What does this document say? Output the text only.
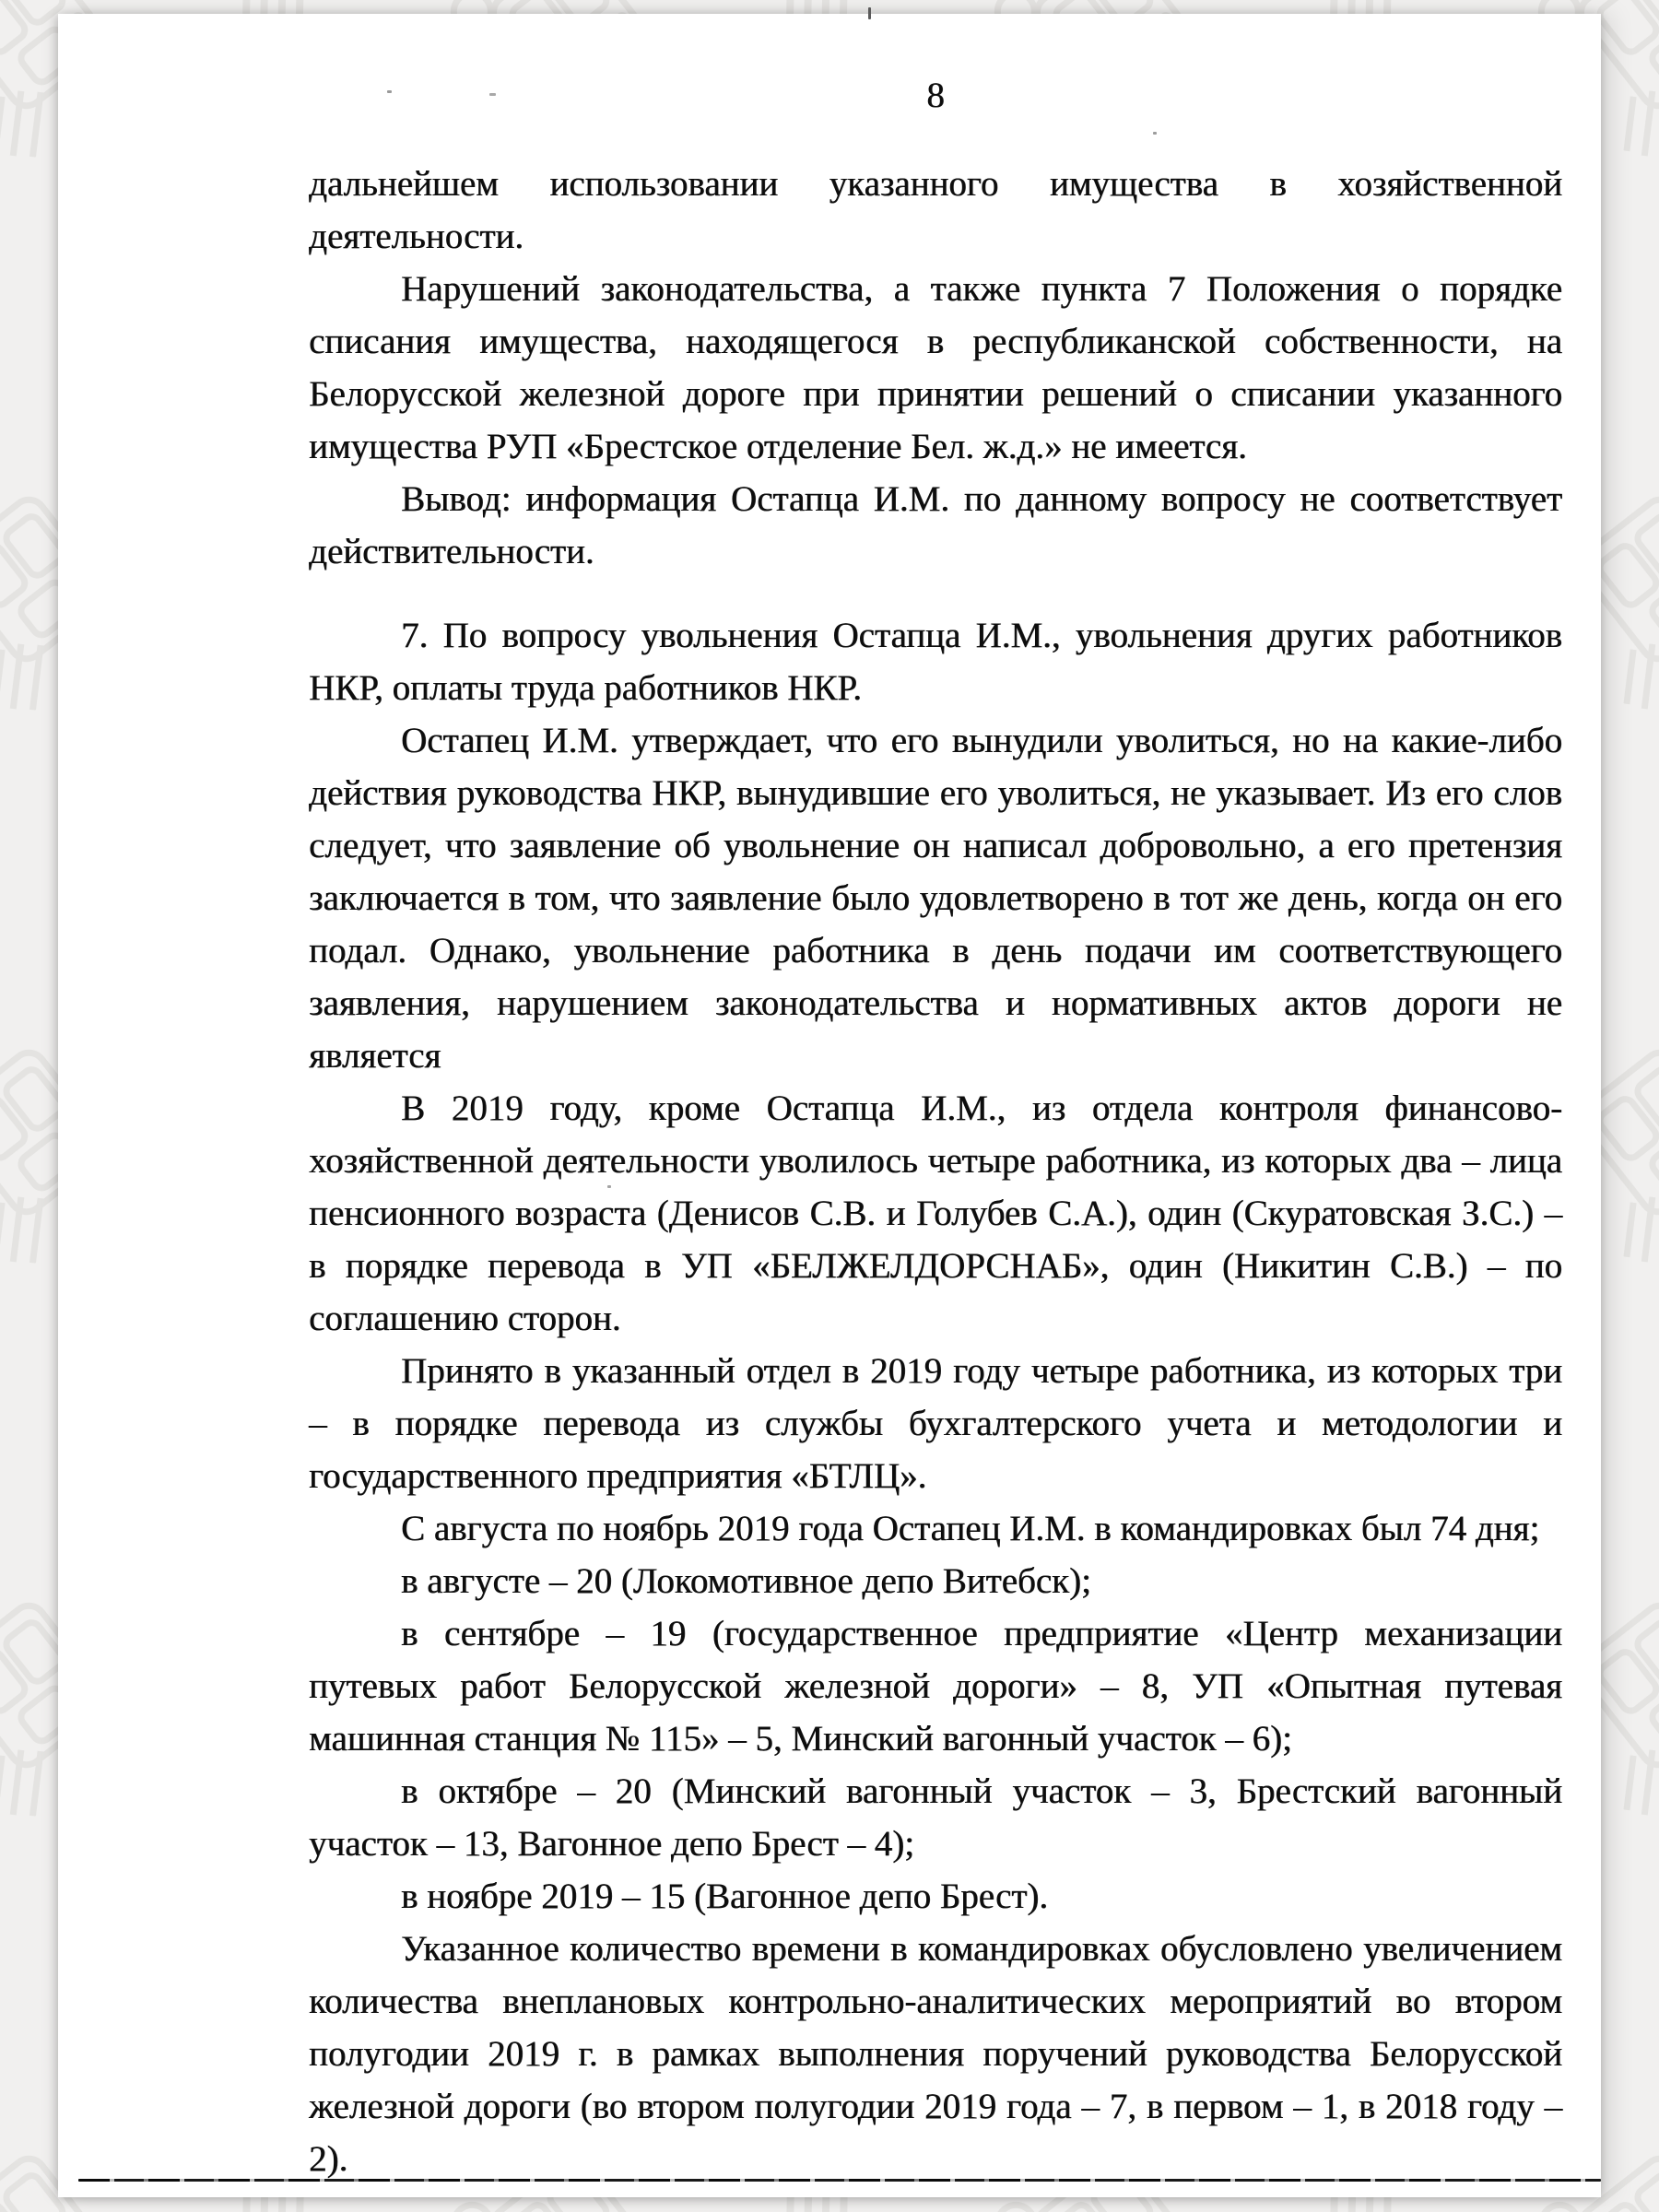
8

дальнейшем использовании указанного имущества в хозяйственной деятельности.

Нарушений законодательства, а также пункта 7 Положения о порядке списания имущества, находящегося в республиканской собственности, на Белорусской железной дороге при принятии решений о списании указанного имущества РУП «Брестское отделение Бел. ж.д.» не имеется.

Вывод: информация Остапца И.М. по данному вопросу не соответствует действительности.

7. По вопросу увольнения Остапца И.М., увольнения других работников НКР, оплаты труда работников НКР.

Остапец И.М. утверждает, что его вынудили уволиться, но на какие-либо действия руководства НКР, вынудившие его уволиться, не указывает. Из его слов следует, что заявление об увольнение он написал добровольно, а его претензия заключается в том, что заявление было удовлетворено в тот же день, когда он его подал. Однако, увольнение работника в день подачи им соответствующего заявления, нарушением законодательства и нормативных актов дороги не является

В 2019 году, кроме Остапца И.М., из отдела контроля финансово-хозяйственной деятельности уволилось четыре работника, из которых два – лица пенсионного возраста (Денисов С.В. и Голубев С.А.), один (Скуратовская З.С.) – в порядке перевода в УП «БЕЛЖЕЛДОРСНАБ», один (Никитин С.В.) – по соглашению сторон.

Принято в указанный отдел в 2019 году четыре работника, из которых три – в порядке перевода из службы бухгалтерского учета и методологии и государственного предприятия «БТЛЦ».

С августа по ноябрь 2019 года Остапец И.М. в командировках был 74 дня;

в августе – 20 (Локомотивное депо Витебск);

в сентябре – 19 (государственное предприятие «Центр механизации путевых работ Белорусской железной дороги» – 8, УП «Опытная путевая машинная станция № 115» – 5, Минский вагонный участок – 6);

в октябре – 20 (Минский вагонный участок – 3, Брестский вагонный участок – 13, Вагонное депо Брест – 4);

в ноябре 2019 – 15 (Вагонное депо Брест).

Указанное количество времени в командировках обусловлено увеличением количества внеплановых контрольно-аналитических мероприятий во втором полугодии 2019 г. в рамках выполнения поручений руководства Белорусской железной дороги (во втором полугодии 2019 года – 7, в первом – 1, в 2018 году – 2).
